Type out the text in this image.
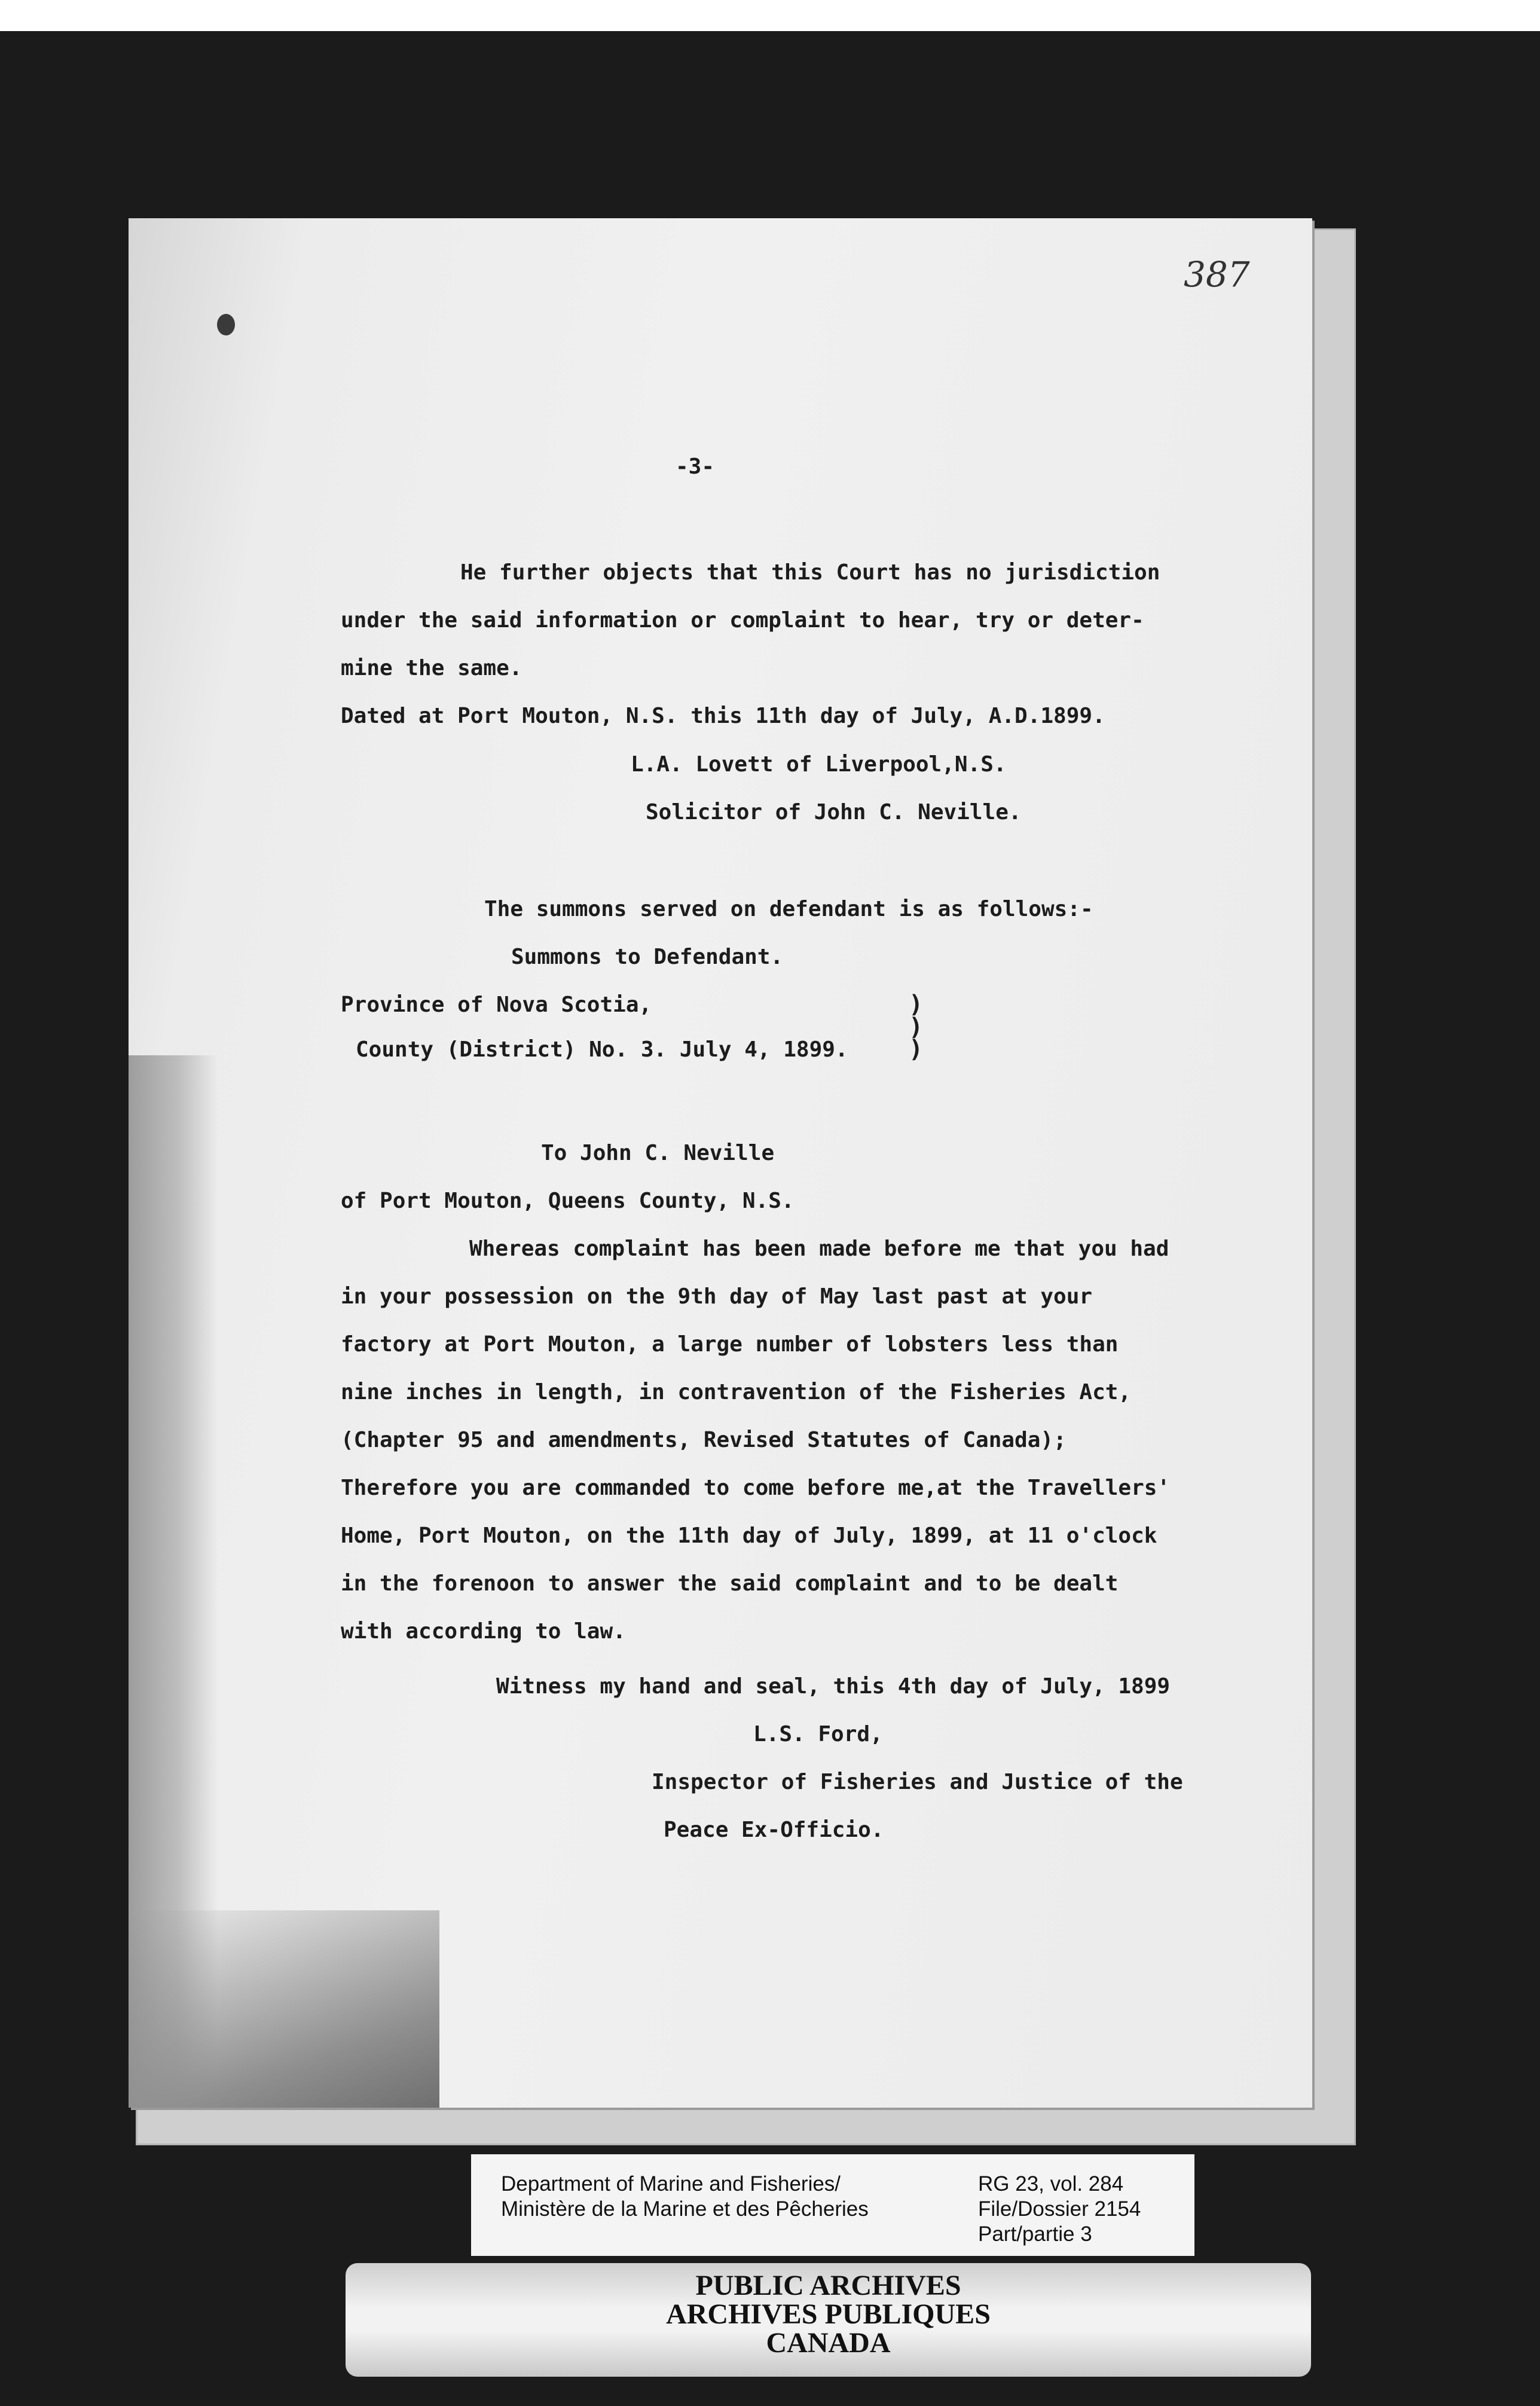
387
-3-
He further objects that this Court has no jurisdiction
under the said information or complaint to hear, try or deter-
mine the same.
Dated at Port Mouton, N.S. this 11th day of July, A.D.1899.
L.A. Lovett of Liverpool,N.S.
Solicitor of John C. Neville.
The summons served on defendant is as follows:-
Summons to Defendant.
Province of Nova Scotia,	)
)
County (District) No. 3. July 4, 1899.	)
To John C. Neville
of Port Mouton, Queens County, N.S.
Whereas complaint has been made before me that you had
in your possession on the 9th day of May last past at your
factory at Port Mouton, a large number of lobsters less than
nine inches in length, in contravention of the Fisheries Act,
(Chapter 95 and amendments, Revised Statutes of Canada);
Therefore you are commanded to come before me,at the Travellers'
Home, Port Mouton, on the 11th day of July, 1899, at 11 o'clock
in the forenoon to answer the said complaint and to be dealt
with according to law.
Witness my hand and seal, this 4th day of July, 1899
L.S. Ford,
Inspector of Fisheries and Justice of the
Peace Ex-Officio.
Department of Marine and Fisheries/
Ministère de la Marine et des Pêcheries
RG 23, vol. 284
File/Dossier 2154
Part/partie 3
PUBLIC ARCHIVES
ARCHIVES PUBLIQUES
CANADA
